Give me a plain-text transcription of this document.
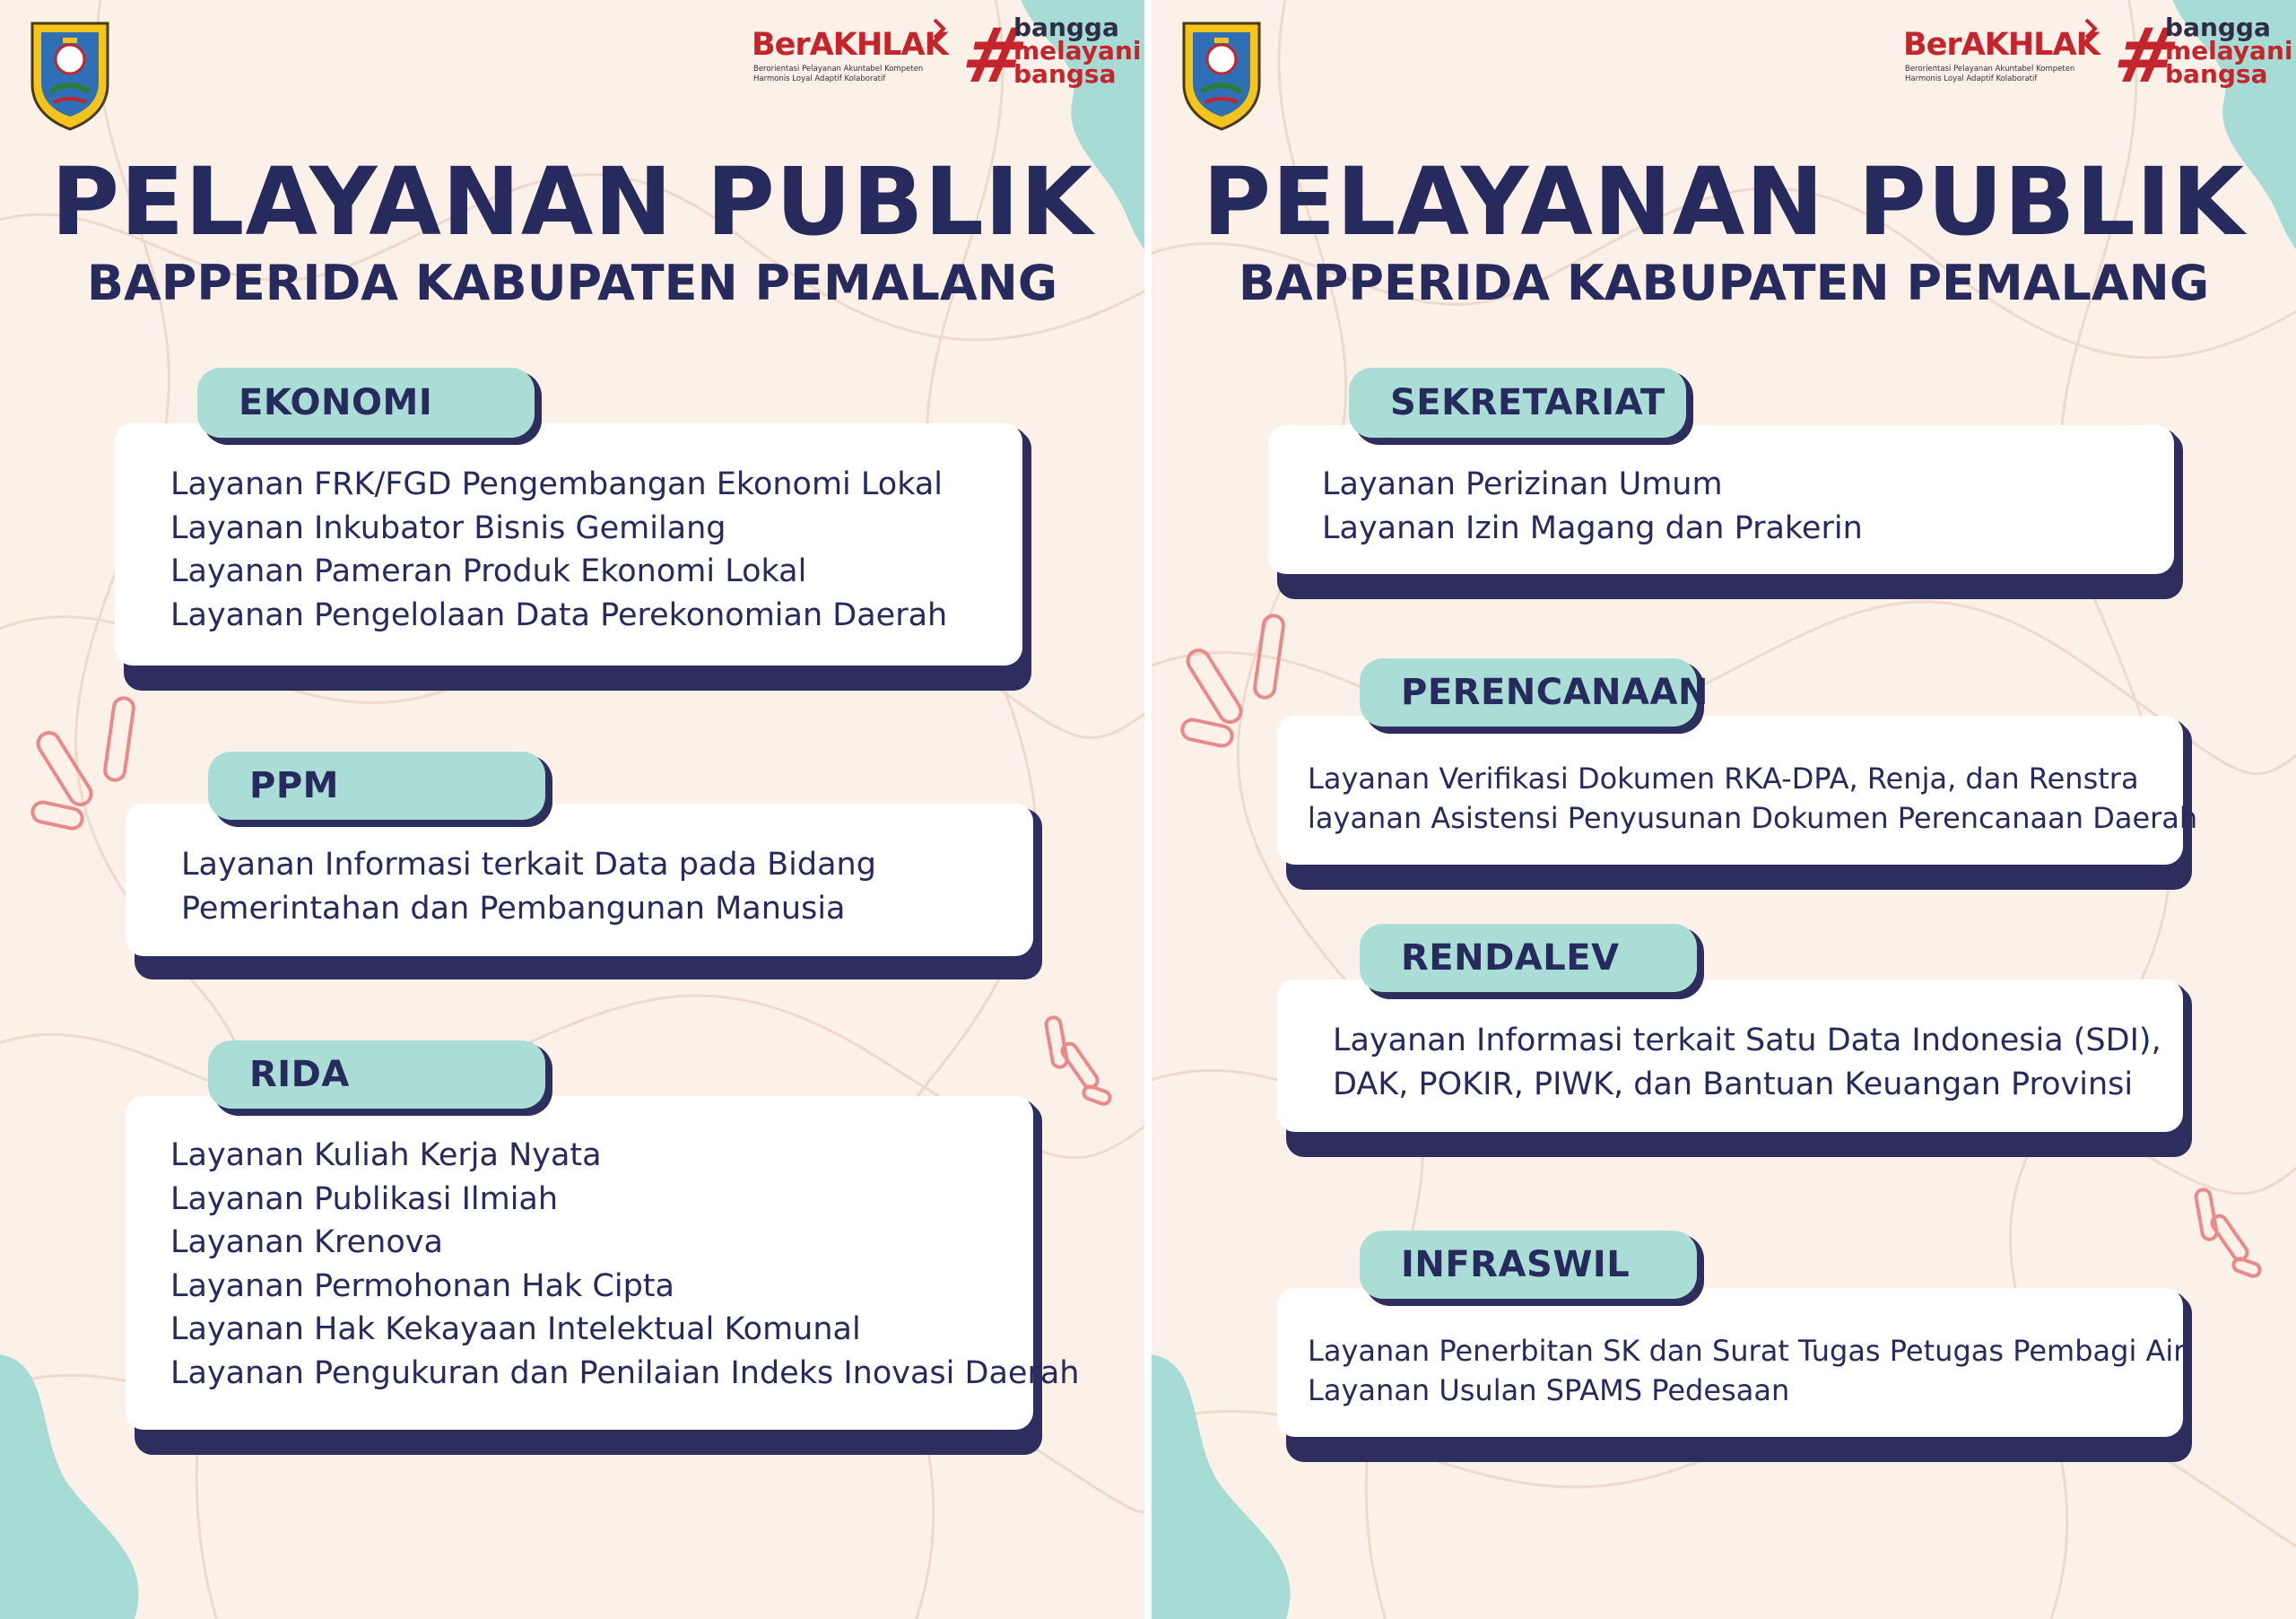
BerAKHLAK
Berorientasi Pelayanan Akuntabel Kompeten
Harmonis Loyal Adaptif Kolaboratif #
bangga
melayani
bangsa
PELAYANAN PUBLIK
BAPPERIDA KABUPATEN PEMALANG
EKONOMI
Layanan FRK/FGD Pengembangan Ekonomi Lokal
Layanan Inkubator Bisnis Gemilang
Layanan Pameran Produk Ekonomi Lokal
Layanan Pengelolaan Data Perekonomian Daerah
PPM
Layanan Informasi terkait Data pada Bidang
Pemerintahan dan Pembangunan Manusia
RIDA
Layanan Kuliah Kerja Nyata
Layanan Publikasi Ilmiah
Layanan Krenova
Layanan Permohonan Hak Cipta
Layanan Hak Kekayaan Intelektual Komunal
Layanan Pengukuran dan Penilaian Indeks Inovasi Daerah
BerAKHLAK
Berorientasi Pelayanan Akuntabel Kompeten
Harmonis Loyal Adaptif Kolaboratif #
bangga
melayani
bangsa
PELAYANAN PUBLIK
BAPPERIDA KABUPATEN PEMALANG
SEKRETARIAT
Layanan Perizinan Umum
Layanan Izin Magang dan Prakerin
PERENCANAAN
Layanan Verifikasi Dokumen RKA-DPA, Renja, dan Renstra
layanan Asistensi Penyusunan Dokumen Perencanaan Daerah
RENDALEV
Layanan Informasi terkait Satu Data Indonesia (SDI),
DAK, POKIR, PIWK, dan Bantuan Keuangan Provinsi
INFRASWIL
Layanan Penerbitan SK dan Surat Tugas Petugas Pembagi Air
Layanan Usulan SPAMS Pedesaan
